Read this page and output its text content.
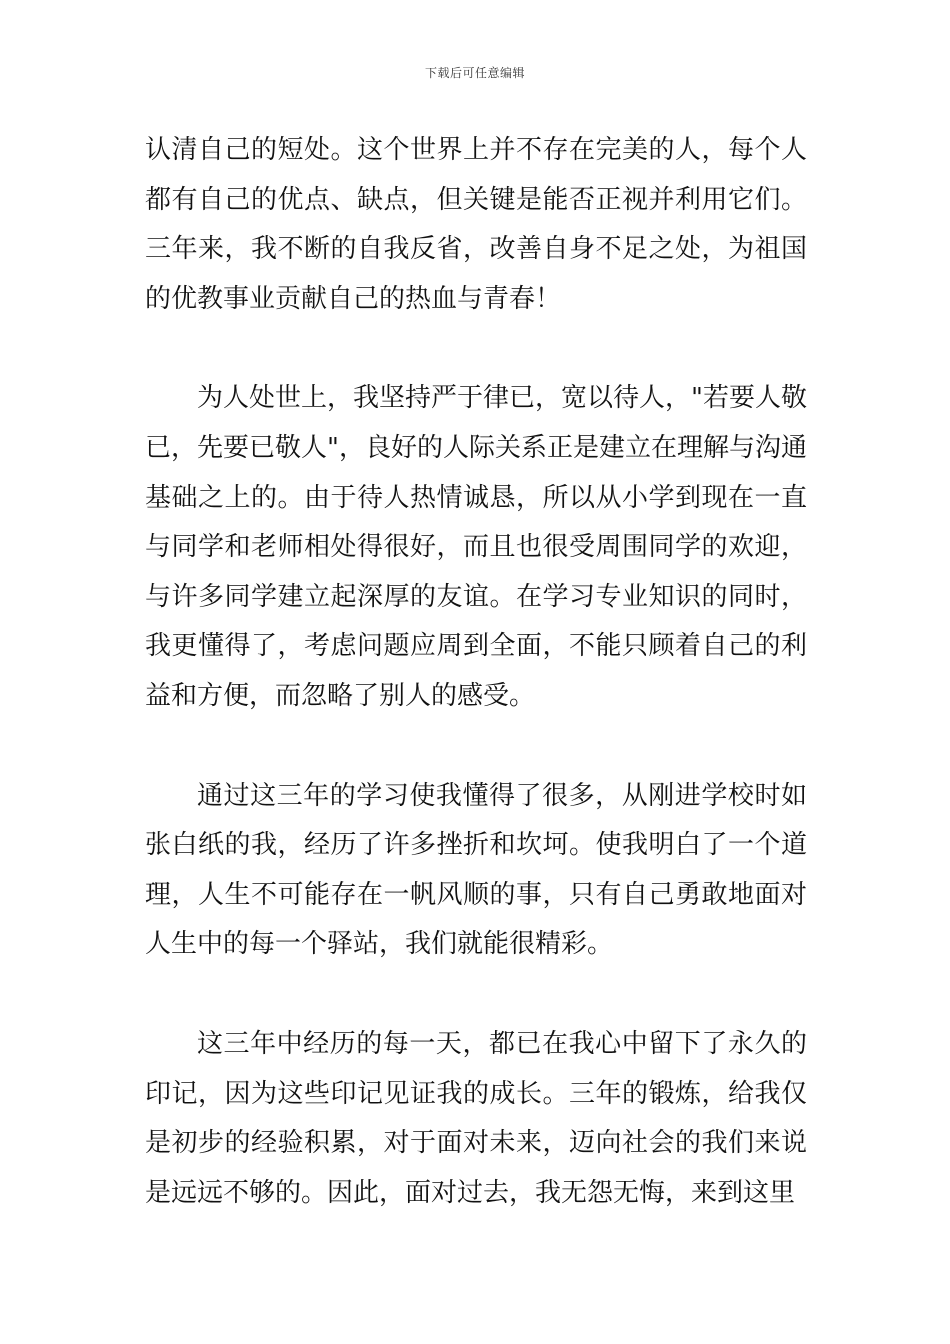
下载后可任意编辑

认清自己的短处。这个世界上并不存在完美的人，每个人都有自己的优点、缺点，但关键是能否正视并利用它们。三年来，我不断的自我反省，改善自身不足之处，为祖国的优教事业贡献自己的热血与青春！

为人处世上，我坚持严于律已，宽以待人，"若要人敬已，先要已敬人"，良好的人际关系正是建立在理解与沟通基础之上的。由于待人热情诚恳，所以从小学到现在一直与同学和老师相处得很好，而且也很受周围同学的欢迎，与许多同学建立起深厚的友谊。在学习专业知识的同时，我更懂得了，考虑问题应周到全面，不能只顾着自己的利益和方便，而忽略了别人的感受。

通过这三年的学习使我懂得了很多，从刚进学校时如张白纸的我，经历了许多挫折和坎坷。使我明白了一个道理，人生不可能存在一帆风顺的事，只有自己勇敢地面对人生中的每一个驿站，我们就能很精彩。

这三年中经历的每一天，都已在我心中留下了永久的印记，因为这些印记见证我的成长。三年的锻炼，给我仅是初步的经验积累，对于面对未来，迈向社会的我们来说是远远不够的。因此，面对过去，我无怨无悔，来到这里
